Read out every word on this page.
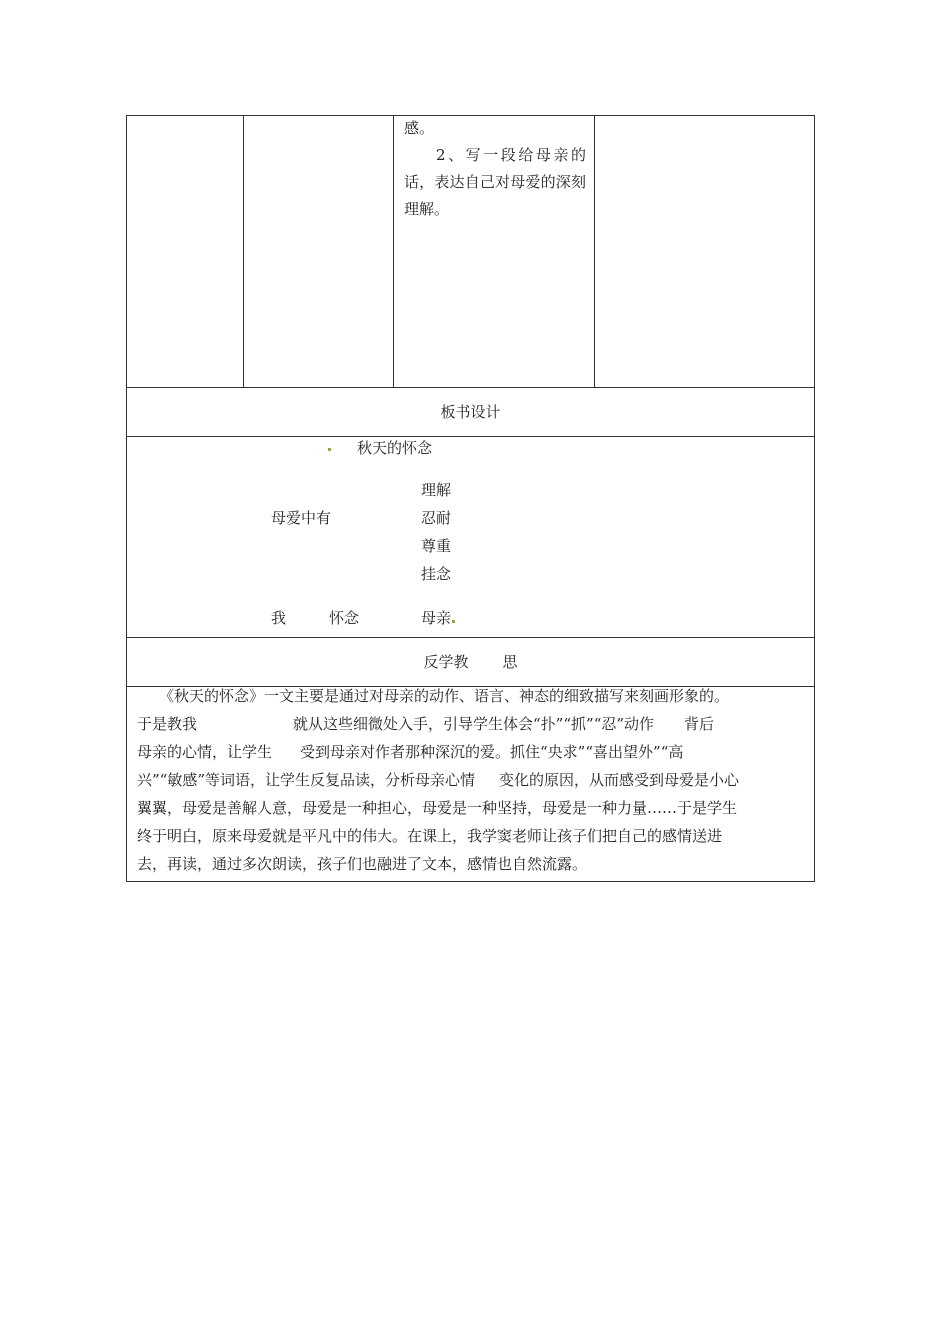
感。
2、写一段给母亲的话，表达自己对母爱的深刻理解。
板书设计
秋天的怀念
理解
母爱中有	忍耐
尊重
挂念
我	怀念	母亲
反学教 思

《秋天的怀念》一文主要是通过对母亲的动作、语言、神态的细致描写来刻画形象的。

于是教我	就从这些细微处入手，引导学生体会“扑”“抓”“忍”动作 背后

母亲的心情，让学生 受到母亲对作者那种深沉的爱。抓住“央求”“喜出望外”“高

兴”“敏感”等词语，让学生反复品读，分析母亲心情 变化的原因，从而感受到母爱是小心

翼翼，母爱是善解人意，母爱是一种担心，母爱是一种坚持，母爱是一种力量……于是学生

终于明白，原来母爱就是平凡中的伟大。在课上，我学窦老师让孩子们把自己的感情送进

去，再读，通过多次朗读，孩子们也融进了文本，感情也自然流露。
